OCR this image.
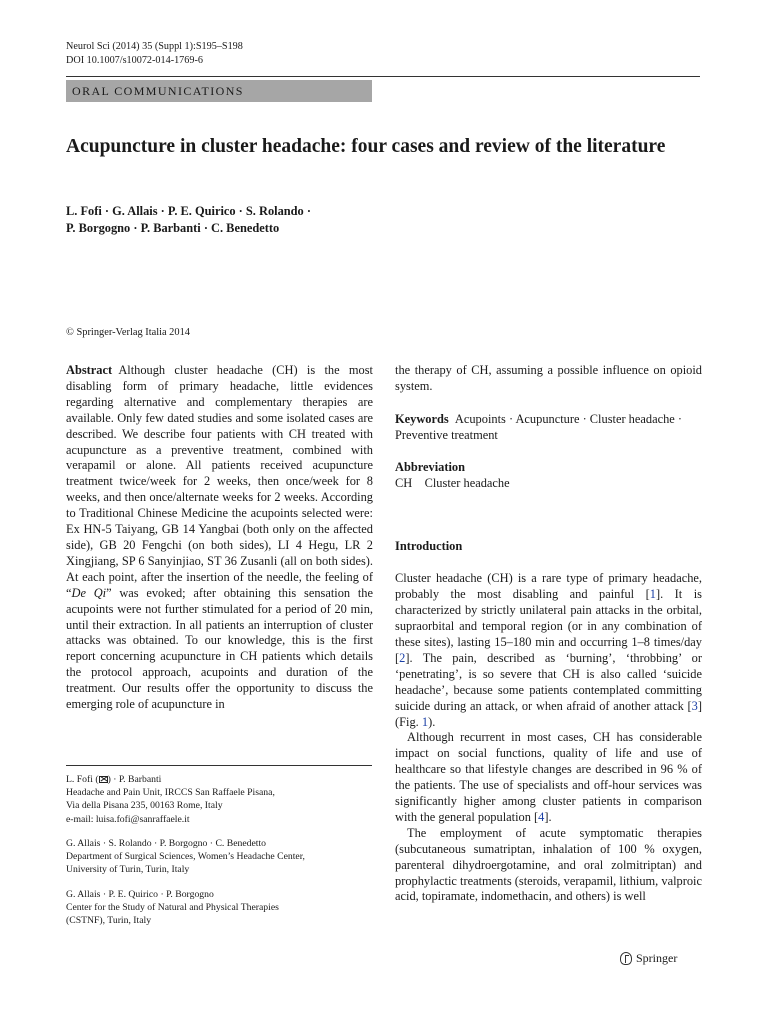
Neurol Sci (2014) 35 (Suppl 1):S195–S198
DOI 10.1007/s10072-014-1769-6
ORAL COMMUNICATIONS
Acupuncture in cluster headache: four cases and review of the literature
L. Fofi · G. Allais · P. E. Quirico · S. Rolando ·
P. Borgogno · P. Barbanti · C. Benedetto
© Springer-Verlag Italia 2014

Abstract  Although cluster headache (CH) is the most disabling form of primary headache, little evidences regarding alternative and complementary therapies are available. Only few dated studies and some isolated cases are described. We describe four patients with CH treated with acupuncture as a preventive treatment, combined with verapamil or alone. All patients received acupuncture treatment twice/week for 2 weeks, then once/week for 8 weeks, and then once/alternate weeks for 2 weeks. According to Traditional Chinese Medicine the acupoints selected were: Ex HN-5 Taiyang, GB 14 Yangbai (both only on the affected side), GB 20 Fengchi (on both sides), LI 4 Hegu, LR 2 Xingjiang, SP 6 Sanyinjiao, ST 36 Zusanli (all on both sides). At each point, after the insertion of the needle, the feeling of “De Qi” was evoked; after obtaining this sensation the acupoints were not further stimulated for a period of 20 min, until their extraction. In all patients an interruption of cluster attacks was obtained. To our knowledge, this is the first report concerning acupuncture in CH patients which details the protocol approach, acupoints and duration of the treatment. Our results offer the opportunity to discuss the emerging role of acupuncture in

the therapy of CH, assuming a possible influence on opioid system.

Keywords  Acupoints · Acupuncture · Cluster headache · Preventive treatment

Abbreviation

CH Cluster headache

Introduction

Cluster headache (CH) is a rare type of primary headache, probably the most disabling and painful [1]. It is characterized by strictly unilateral pain attacks in the orbital, supraorbital and temporal region (or in any combination of these sites), lasting 15–180 min and occurring 1–8 times/day [2]. The pain, described as ‘burning’, ‘throbbing’ or ‘penetrating’, is so severe that CH is also called ‘suicide headache’, because some patients contemplated committing suicide during an attack, or when afraid of another attack [3] (Fig. 1).

Although recurrent in most cases, CH has considerable impact on social functions, quality of life and use of healthcare so that lifestyle changes are described in 96 % of the patients. The use of specialists and off-hour services was significantly higher among cluster patients in comparison with the general population [4].

The employment of acute symptomatic therapies (subcutaneous sumatriptan, inhalation of 100 % oxygen, parenteral dihydroergotamine, and oral zolmitriptan) and prophylactic treatments (steroids, verapamil, lithium, valproic acid, topiramate, indomethacin, and others) is well

L. Fofi ( ) · P. Barbanti
Headache and Pain Unit, IRCCS San Raffaele Pisana,
Via della Pisana 235, 00163 Rome, Italy
e-mail: luisa.fofi@sanraffaele.it
G. Allais · S. Rolando · P. Borgogno · C. Benedetto
Department of Surgical Sciences, Women’s Headache Center,
University of Turin, Turin, Italy
G. Allais · P. E. Quirico · P. Borgogno
Center for the Study of Natural and Physical Therapies
(CSTNF), Turin, Italy
Springer
